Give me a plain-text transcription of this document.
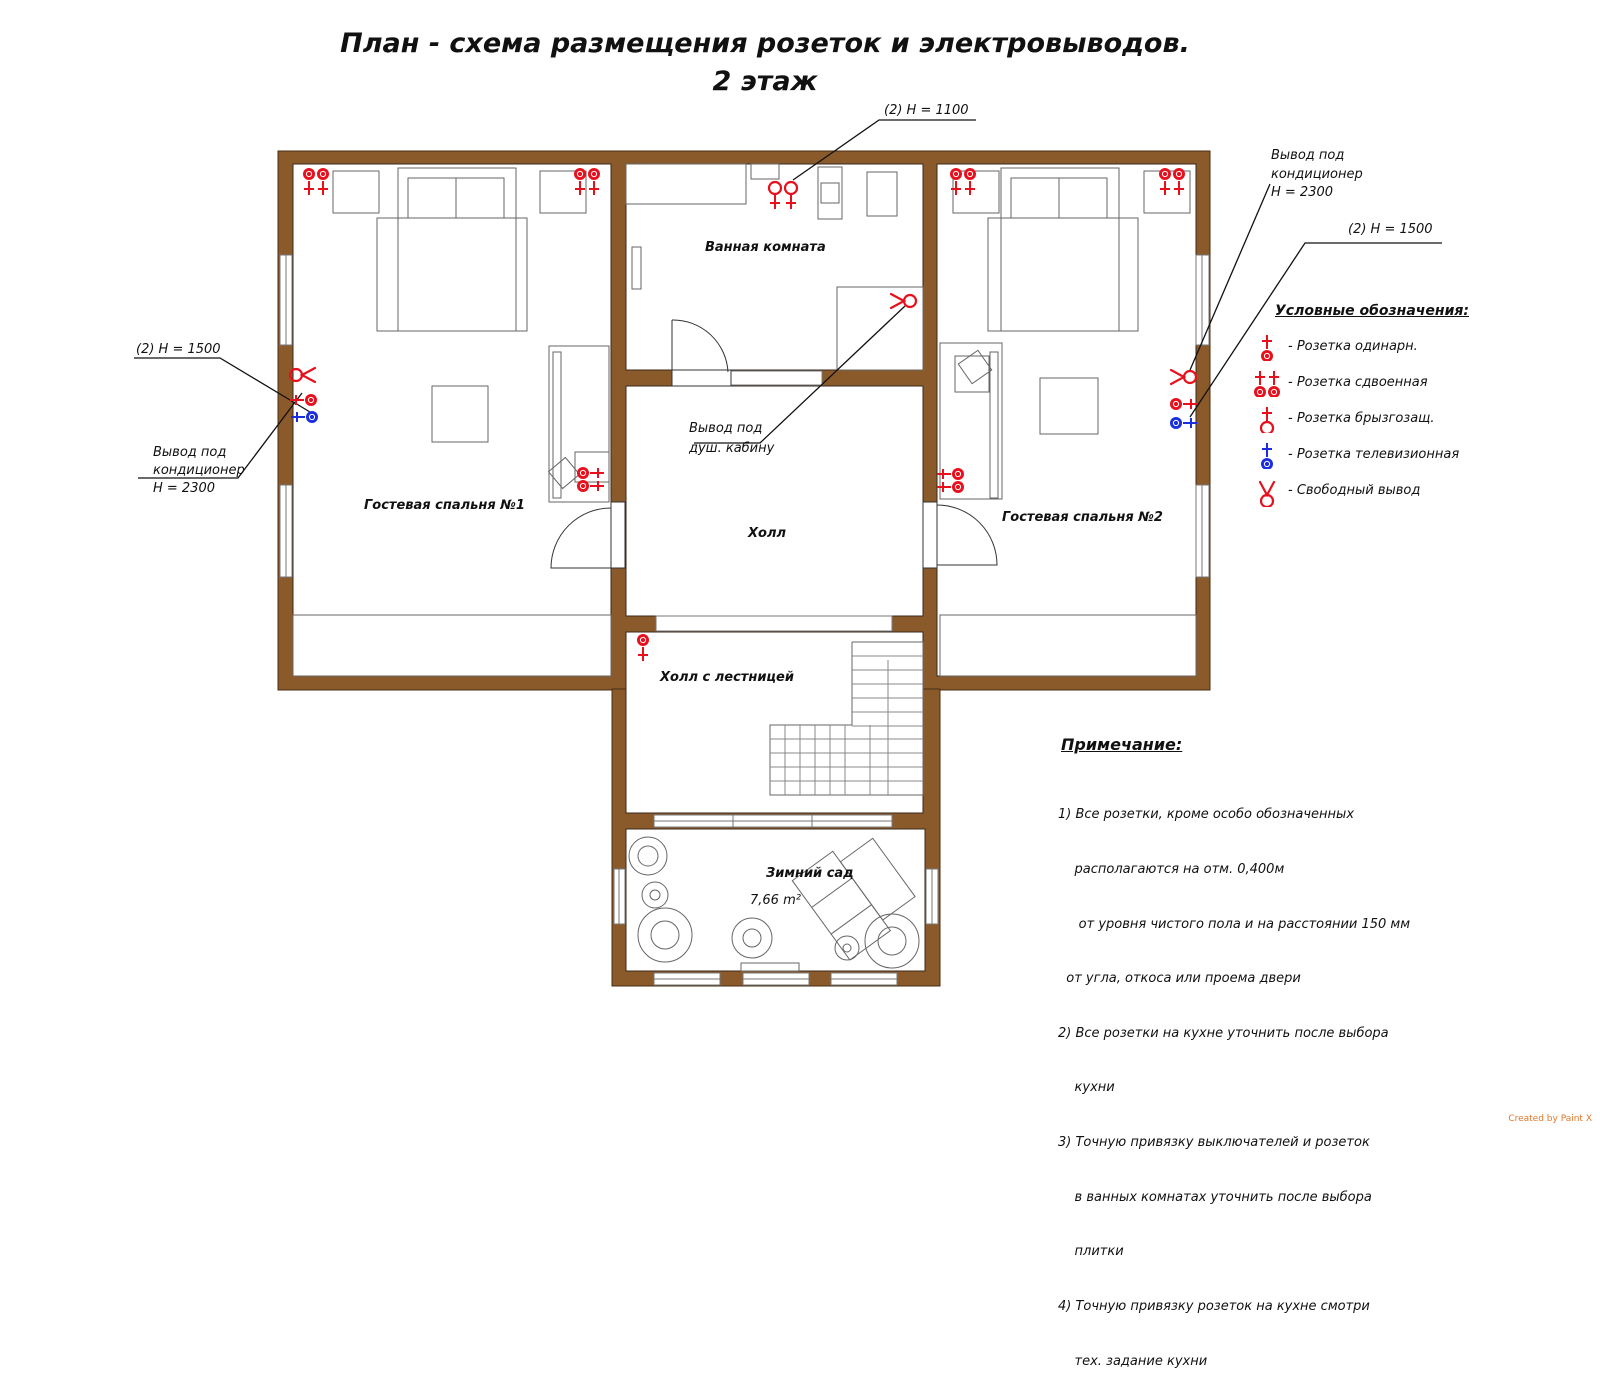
План - схема размещения розеток и электровыводов.
2 этаж
Гостевая спальня №1
Ванная комната
Гостевая спальня №2
Холл
Холл с лестницей
Зимний сад
7,66 m²
(2) H = 1100
(2) H = 1500
Вывод под
кондиционер
H = 2300
Вывод под
душ. кабину
Вывод под
кондиционер
H = 2300
(2) H = 1500
Условные обозначения:
- Розетка одинарн.
- Розетка сдвоенная
- Розетка брызгозащ.
- Розетка телевизионная
- Свободный вывод
Примечание:

1) Все розетки, кроме особо обозначенных

располагаются на отм. 0,400м

от уровня чистого пола и на расстоянии 150 мм

от угла, откоса или проема двери

2) Все розетки на кухне уточнить после выбора

кухни

3) Точную привязку выключателей и розеток

в ванных комнатах уточнить после выбора

плитки

4) Точную привязку розеток на кухне смотри

тех. задание кухни

Created by Paint X
